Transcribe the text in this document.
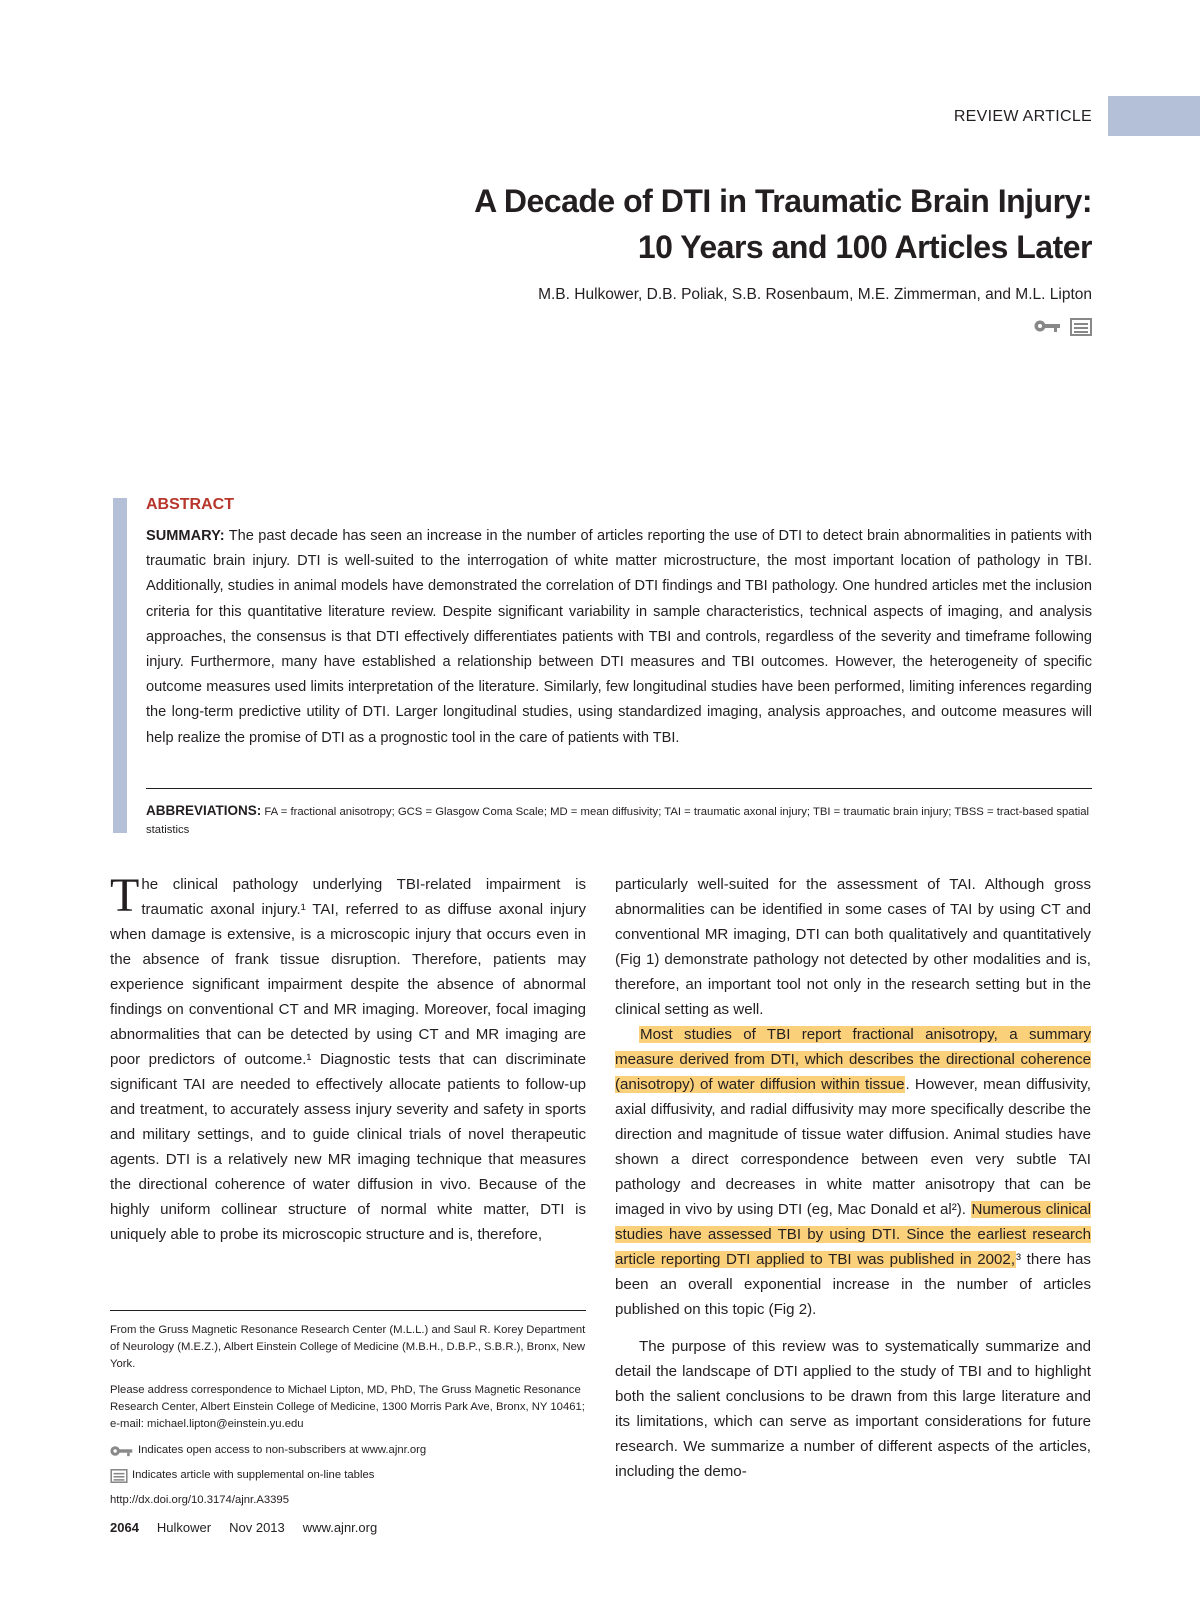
REVIEW ARTICLE
A Decade of DTI in Traumatic Brain Injury:
10 Years and 100 Articles Later
M.B. Hulkower, D.B. Poliak, S.B. Rosenbaum, M.E. Zimmerman, and M.L. Lipton
ABSTRACT
SUMMARY: The past decade has seen an increase in the number of articles reporting the use of DTI to detect brain abnormalities in patients with traumatic brain injury. DTI is well-suited to the interrogation of white matter microstructure, the most important location of pathology in TBI. Additionally, studies in animal models have demonstrated the correlation of DTI findings and TBI pathology. One hundred articles met the inclusion criteria for this quantitative literature review. Despite significant variability in sample characteristics, technical aspects of imaging, and analysis approaches, the consensus is that DTI effectively differentiates patients with TBI and controls, regardless of the severity and timeframe following injury. Furthermore, many have established a relationship between DTI measures and TBI outcomes. However, the heterogeneity of specific outcome measures used limits interpretation of the literature. Similarly, few longitudinal studies have been performed, limiting inferences regarding the long-term predictive utility of DTI. Larger longitudinal studies, using standardized imaging, analysis approaches, and outcome measures will help realize the promise of DTI as a prognostic tool in the care of patients with TBI.
ABBREVIATIONS: FA = fractional anisotropy; GCS = Glasgow Coma Scale; MD = mean diffusivity; TAI = traumatic axonal injury; TBI = traumatic brain injury; TBSS = tract-based spatial statistics

The clinical pathology underlying TBI-related impairment is traumatic axonal injury.¹ TAI, referred to as diffuse axonal injury when damage is extensive, is a microscopic injury that occurs even in the absence of frank tissue disruption. Therefore, patients may experience significant impairment despite the absence of abnormal findings on conventional CT and MR imaging. Moreover, focal imaging abnormalities that can be detected by using CT and MR imaging are poor predictors of outcome.¹ Diagnostic tests that can discriminate significant TAI are needed to effectively allocate patients to follow-up and treatment, to accurately assess injury severity and safety in sports and military settings, and to guide clinical trials of novel therapeutic agents. DTI is a relatively new MR imaging technique that measures the directional coherence of water diffusion in vivo. Because of the highly uniform collinear structure of normal white matter, DTI is uniquely able to probe its microscopic structure and is, therefore,

particularly well-suited for the assessment of TAI. Although gross abnormalities can be identified in some cases of TAI by using CT and conventional MR imaging, DTI can both qualitatively and quantitatively (Fig 1) demonstrate pathology not detected by other modalities and is, therefore, an important tool not only in the research setting but in the clinical setting as well.

Most studies of TBI report fractional anisotropy, a summary measure derived from DTI, which describes the directional coherence (anisotropy) of water diffusion within tissue. However, mean diffusivity, axial diffusivity, and radial diffusivity may more specifically describe the direction and magnitude of tissue water diffusion. Animal studies have shown a direct correspondence between even very subtle TAI pathology and decreases in white matter anisotropy that can be imaged in vivo by using DTI (eg, Mac Donald et al²). Numerous clinical studies have assessed TBI by using DTI. Since the earliest research article reporting DTI applied to TBI was published in 2002,³ there has been an overall exponential increase in the number of articles published on this topic (Fig 2).

The purpose of this review was to systematically summarize and detail the landscape of DTI applied to the study of TBI and to highlight both the salient conclusions to be drawn from this large literature and its limitations, which can serve as important considerations for future research. We summarize a number of different aspects of the articles, including the demo-

From the Gruss Magnetic Resonance Research Center (M.L.L.) and Saul R. Korey Department of Neurology (M.E.Z.), Albert Einstein College of Medicine (M.B.H., D.B.P., S.B.R.), Bronx, New York.

Please address correspondence to Michael Lipton, MD, PhD, The Gruss Magnetic Resonance Research Center, Albert Einstein College of Medicine, 1300 Morris Park Ave, Bronx, NY 10461; e-mail: michael.lipton@einstein.yu.edu

Indicates open access to non-subscribers at www.ajnr.org
Indicates article with supplemental on-line tables
http://dx.doi.org/10.3174/ajnr.A3395
2064 Hulkower Nov 2013 www.ajnr.org
